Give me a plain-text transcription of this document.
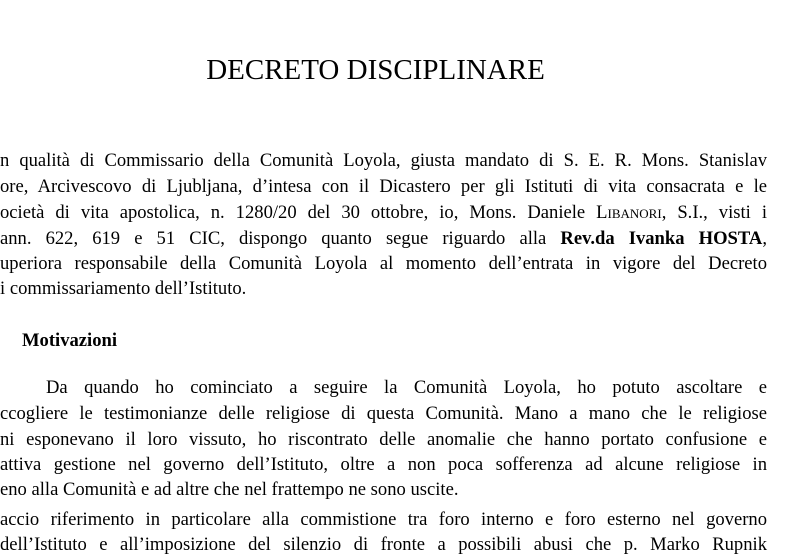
DECRETO DISCIPLINARE
n qualità di Commissario della Comunità Loyola, giusta mandato di S. E. R. Mons. Stanislav
ore, Arcivescovo di Ljubljana, d’intesa con il Dicastero per gli Istituti di vita consacrata e le
ocietà di vita apostolica, n. 1280/20 del 30 ottobre, io, Mons. Daniele Libanori, S.I., visti i
ann. 622, 619 e 51 CIC, dispongo quanto segue riguardo alla Rev.da Ivanka HOSTA,
uperiora responsabile della Comunità Loyola al momento dell’entrata in vigore del Decreto
i commissariamento dell’Istituto.
Motivazioni
Da quando ho cominciato a seguire la Comunità Loyola, ho potuto ascoltare e
ccogliere le testimonianze delle religiose di questa Comunità. Mano a mano che le religiose
ni esponevano il loro vissuto, ho riscontrato delle anomalie che hanno portato confusione e
attiva gestione nel governo dell’Istituto, oltre a non poca sofferenza ad alcune religiose in
eno alla Comunità e ad altre che nel frattempo ne sono uscite.
accio riferimento in particolare alla commistione tra foro interno e foro esterno nel governo
dell’Istituto e all’imposizione del silenzio di fronte a possibili abusi che p. Marko Rupnik
